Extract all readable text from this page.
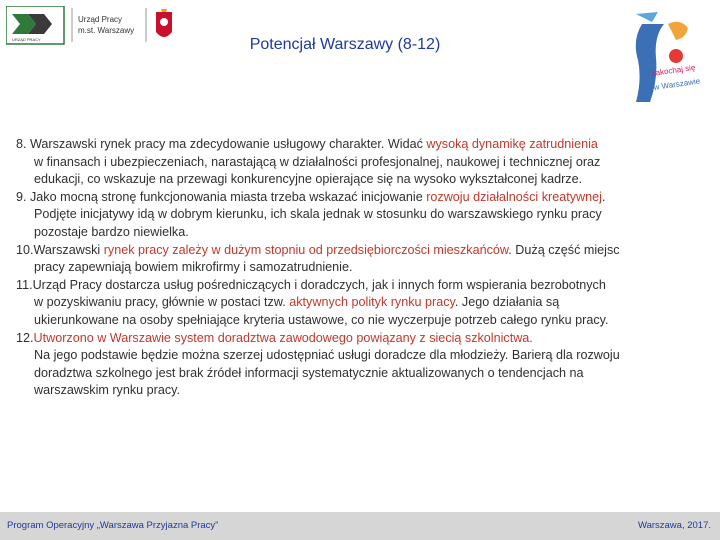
URZĄD PRACY
Urząd Pracy
m.st. Warszawy
Potencjał Warszawy (8-12)
zakochaj się
w Warszawie
8. Warszawski rynek pracy ma zdecydowanie usługowy charakter. Widać wysoką dynamikę zatrudnienia
w finansach i ubezpieczeniach, narastającą w działalności profesjonalnej, naukowej i technicznej oraz
edukacji, co wskazuje na przewagi konkurencyjne opierające się na wysoko wykształconej kadrze.
9. Jako mocną stronę funkcjonowania miasta trzeba wskazać inicjowanie rozwoju działalności kreatywnej.
Podjęte inicjatywy idą w dobrym kierunku, ich skala jednak w stosunku do warszawskiego rynku pracy
pozostaje bardzo niewielka.
10.Warszawski rynek pracy zależy w dużym stopniu od przedsiębiorczości mieszkańców. Dużą część miejsc
pracy zapewniają bowiem mikrofirmy i samozatrudnienie.
11.Urząd Pracy dostarcza usług pośredniczących i doradczych, jak i innych form wspierania bezrobotnych
w pozyskiwaniu pracy, głównie w postaci tzw. aktywnych polityk rynku pracy. Jego działania są
ukierunkowane na osoby spełniające kryteria ustawowe, co nie wyczerpuje potrzeb całego rynku pracy.
12.Utworzono w Warszawie system doradztwa zawodowego powiązany z siecią szkolnictwa.
Na jego podstawie będzie można szerzej udostępniać usługi doradcze dla młodzieży. Barierą dla rozwoju
doradztwa szkolnego jest brak źródeł informacji systematycznie aktualizowanych o tendencjach na
warszawskim rynku pracy.
Program Operacyjny „Warszawa Przyjazna Pracy”	Warszawa, 2017.
